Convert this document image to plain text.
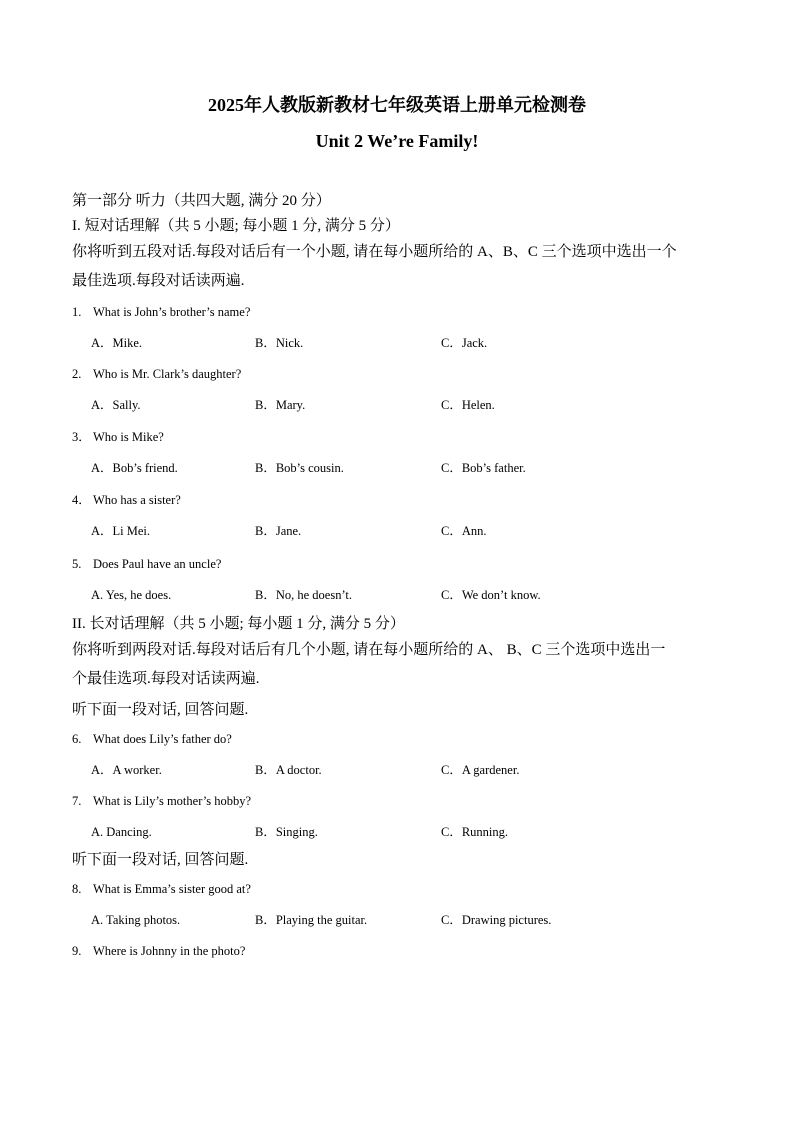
2025年人教版新教材七年级英语上册单元检测卷

Unit 2 We’re Family!

第一部分 听力（共四大题, 满分 20 分）

I. 短对话理解（共 5 小题; 每小题 1 分, 满分 5 分）

你将听到五段对话.每段对话后有一个小题, 请在每小题所给的 A、B、C 三个选项中选出一个

最佳选项.每段对话读两遍.

1. What is John’s brother’s name?

A．Mike.	B．Nick.	C．Jack.

2. Who is Mr. Clark’s daughter?

A．Sally.	B．Mary.	C．Helen.

3． Who is Mike?

A．Bob’s friend.	B．Bob’s cousin.	C．Bob’s father.

4． Who has a sister?

A．Li Mei.	B．Jane.	C．Ann.

5. Does Paul have an uncle?

A. Yes, he does.	B．No, he doesn’t.	C．We don’t know.

II. 长对话理解（共 5 小题; 每小题 1 分, 满分 5 分）

你将听到两段对话.每段对话后有几个小题, 请在每小题所给的 A、 B、C 三个选项中选出一

个最佳选项.每段对话读两遍.

听下面一段对话, 回答问题.

6. What does Lily’s father do?

A．A worker.	B．A doctor.	C．A gardener.

7. What is Lily’s mother’s hobby?

A. Dancing.	B．Singing.	C．Running.

听下面一段对话, 回答问题.

8. What is Emma’s sister good at?

A. Taking photos.	B．Playing the guitar.	C．Drawing pictures.

9. Where is Johnny in the photo?
